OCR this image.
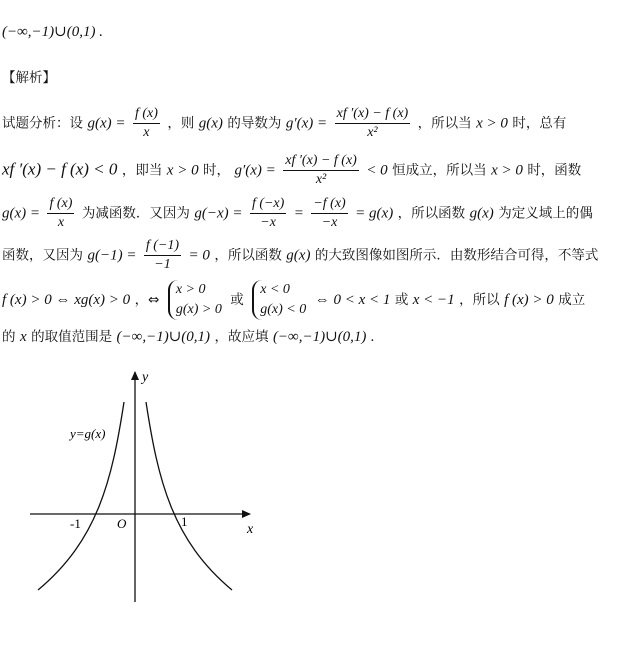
(−∞,−1)∪(0,1) .
【解析】
试题分析：设 $g(x) = \frac{f (x)}{x}$ ，则 g(x) 的导数为 $g'(x) = \frac{xf '(x) - f (x)}{\text{x²}}$ ，所以当 x > 0 时，总有
xf ′(x) − f (x) < 0 ，即当 x > 0 时， $g'(x) = \frac{xf '(x) - f (x)}{\text{x²}} < 0$ 恒成立，所以当 x > 0 时，函数
$g(x) = \frac{f (x)}{x}$ 为减函数．又因为 $g(-x) = \frac{f (-x)}{-x} = \frac{-f (x)}{-x} = g(x)$ ，所以函数 g(x) 为定义域上的偶
函数，又因为 $g(-1) = \frac{f (-1)}{-1} = 0$ ，所以函数 g(x) 的大致图像如图所示．由数形结合可得，不等式
f (x) > 0 ⇔ xg(x) > 0 ，⇔
x > 0
g(x) > 0
或
x < 0
g(x) < 0
⇔ 0 < x < 1 或 x < −1 ，所以 f (x) > 0 成立
的 x 的取值范围是 (−∞,−1)∪(0,1) ，故应填 (−∞,−1)∪(0,1) .
y=g(x)
y
x
O
-1	1
